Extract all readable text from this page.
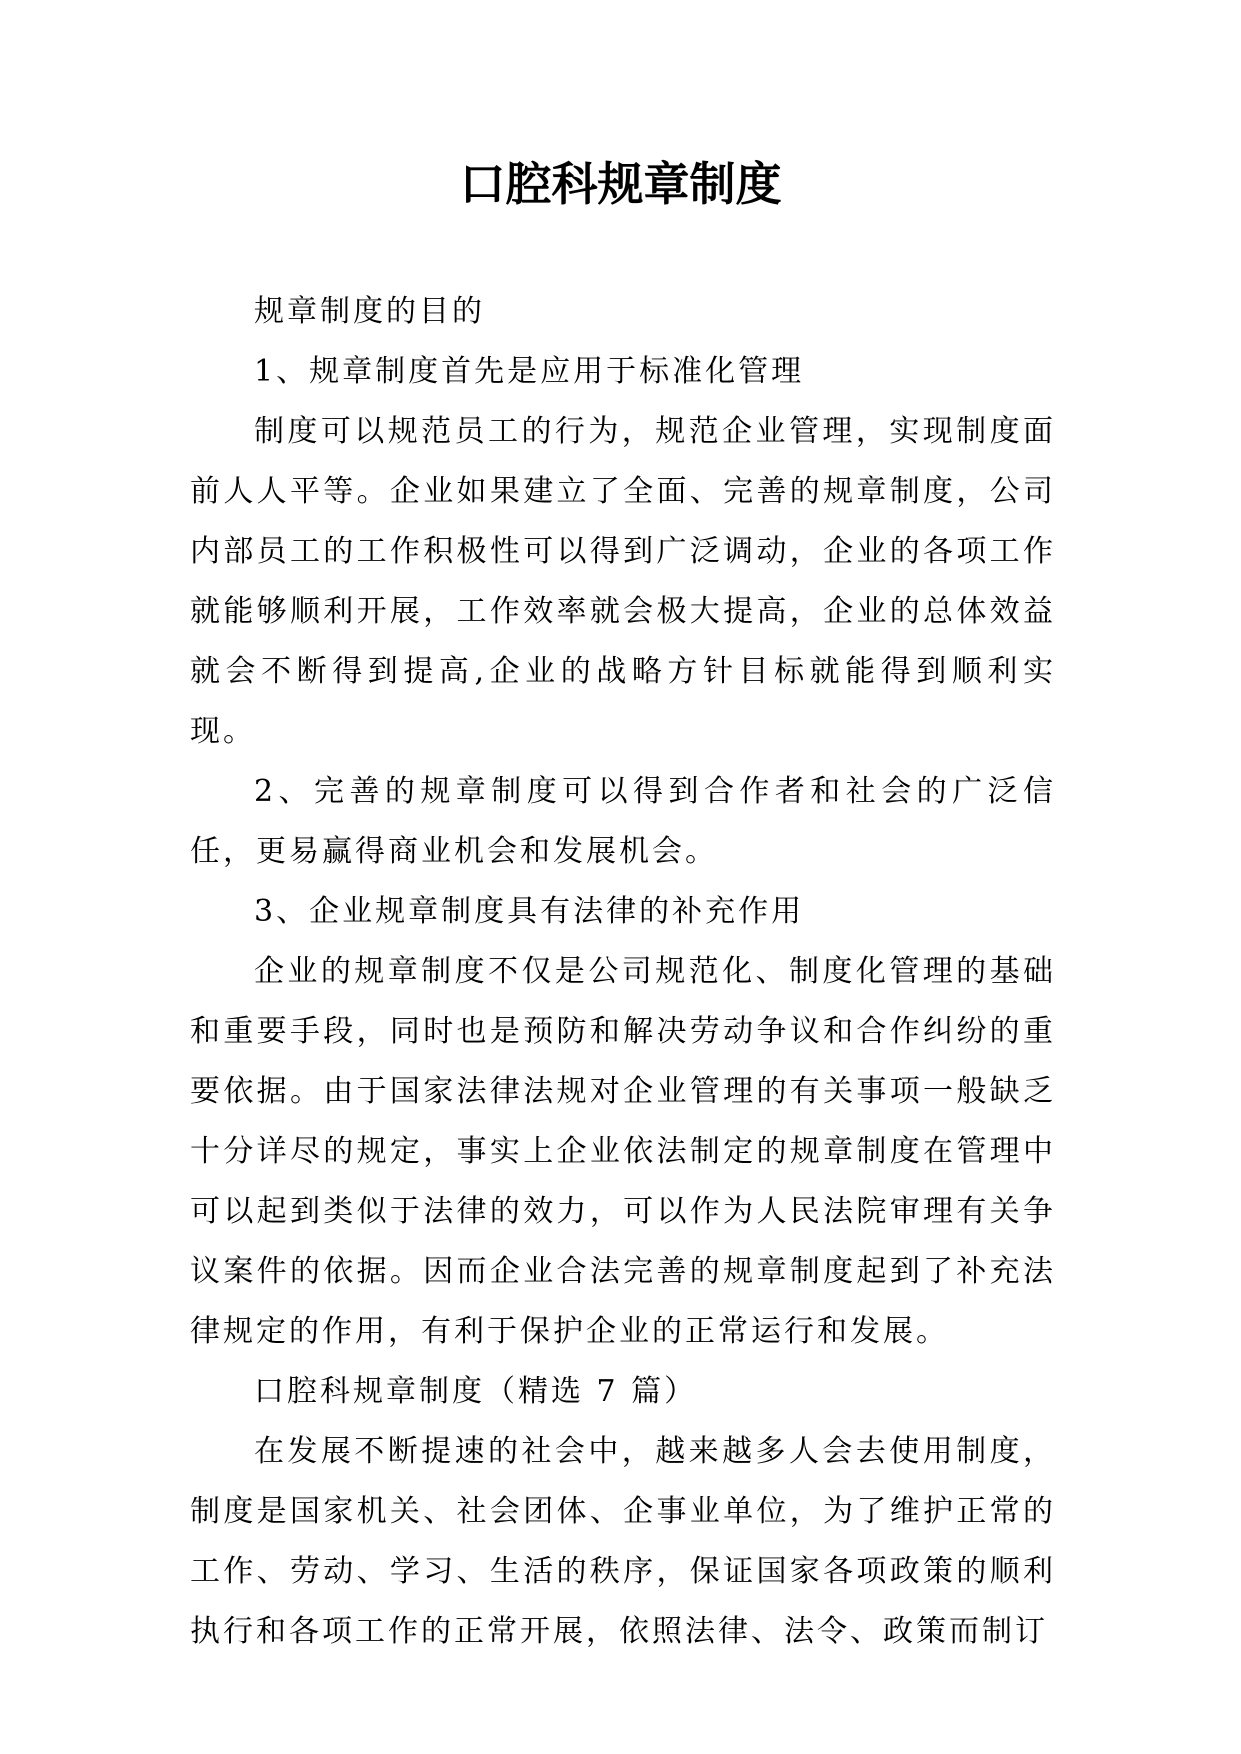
口腔科规章制度

规章制度的目的

1、规章制度首先是应用于标准化管理

制度可以规范员工的行为，规范企业管理，实现制度面前人人平等。企业如果建立了全面、完善的规章制度，公司内部员工的工作积极性可以得到广泛调动，企业的各项工作就能够顺利开展，工作效率就会极大提高，企业的总体效益就会不断得到提高,企业的战略方针目标就能得到顺利实现。

2、完善的规章制度可以得到合作者和社会的广泛信任，更易赢得商业机会和发展机会。

3、企业规章制度具有法律的补充作用

企业的规章制度不仅是公司规范化、制度化管理的基础和重要手段，同时也是预防和解决劳动争议和合作纠纷的重要依据。由于国家法律法规对企业管理的有关事项一般缺乏十分详尽的规定，事实上企业依法制定的规章制度在管理中可以起到类似于法律的效力，可以作为人民法院审理有关争议案件的依据。因而企业合法完善的规章制度起到了补充法律规定的作用，有利于保护企业的正常运行和发展。

口腔科规章制度（精选 7 篇）

在发展不断提速的社会中，越来越多人会去使用制度，制度是国家机关、社会团体、企事业单位，为了维护正常的工作、劳动、学习、生活的秩序，保证国家各项政策的顺利执行和各项工作的正常开展，依照法律、法令、政策而制订
